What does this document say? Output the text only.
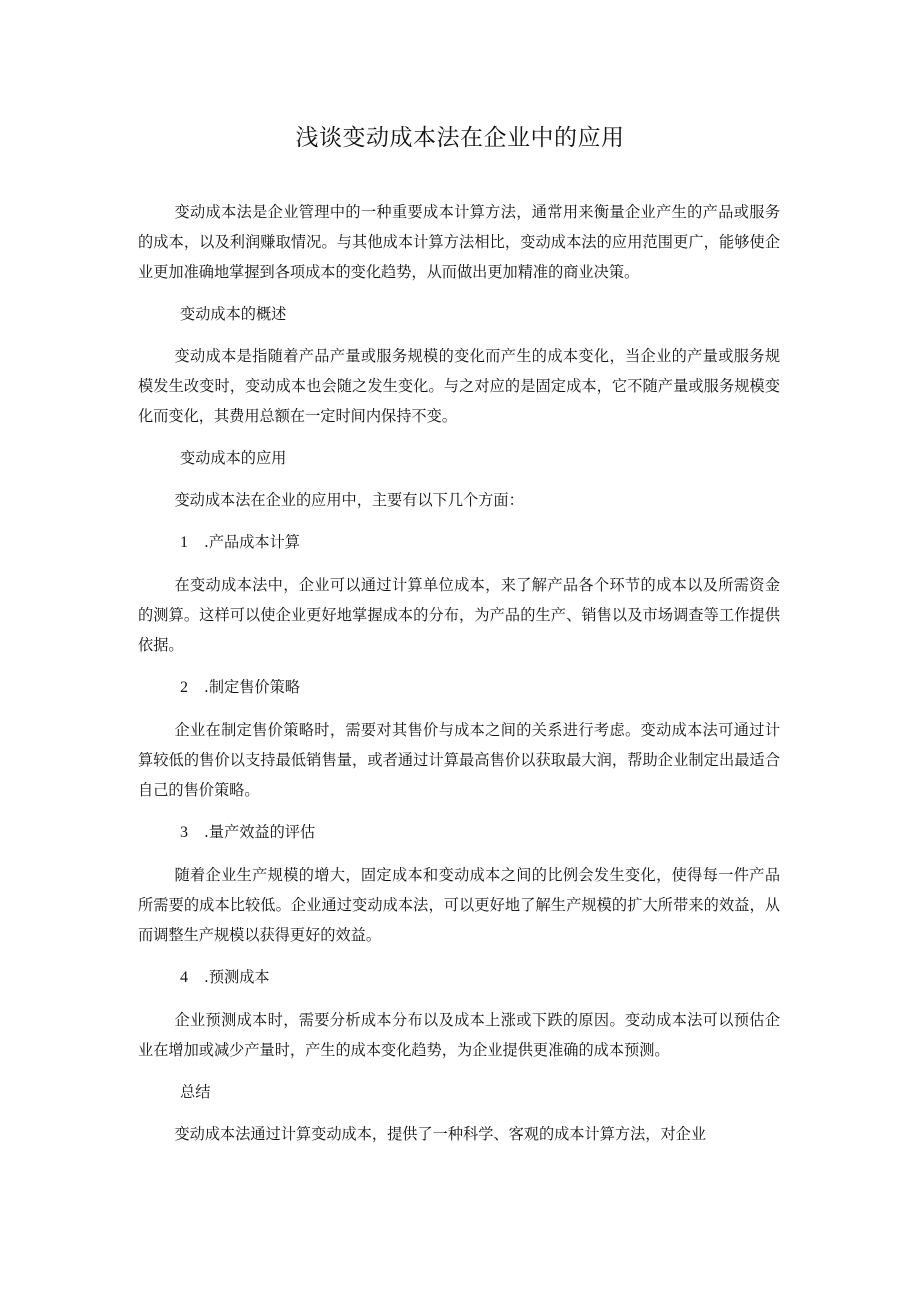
浅谈变动成本法在企业中的应用

变动成本法是企业管理中的一种重要成本计算方法，通常用来衡量企业产生的产品或服务的成本，以及利润赚取情况。与其他成本计算方法相比，变动成本法的应用范围更广，能够使企业更加准确地掌握到各项成本的变化趋势，从而做出更加精准的商业决策。

变动成本的概述

变动成本是指随着产品产量或服务规模的变化而产生的成本变化，当企业的产量或服务规模发生改变时，变动成本也会随之发生变化。与之对应的是固定成本，它不随产量或服务规模变化而变化，其费用总额在一定时间内保持不变。

变动成本的应用

变动成本法在企业的应用中，主要有以下几个方面：

1 .产品成本计算

在变动成本法中，企业可以通过计算单位成本，来了解产品各个环节的成本以及所需资金的测算。这样可以使企业更好地掌握成本的分布，为产品的生产、销售以及市场调查等工作提供依据。

2 .制定售价策略

企业在制定售价策略时，需要对其售价与成本之间的关系进行考虑。变动成本法可通过计算较低的售价以支持最低销售量，或者通过计算最高售价以获取最大润，帮助企业制定出最适合自己的售价策略。

3 .量产效益的评估

随着企业生产规模的增大，固定成本和变动成本之间的比例会发生变化，使得每一件产品所需要的成本比较低。企业通过变动成本法，可以更好地了解生产规模的扩大所带来的效益，从而调整生产规模以获得更好的效益。

4 .预测成本

企业预测成本时，需要分析成本分布以及成本上涨或下跌的原因。变动成本法可以预估企业在增加或减少产量时，产生的成本变化趋势，为企业提供更准确的成本预测。

总结

变动成本法通过计算变动成本，提供了一种科学、客观的成本计算方法，对企业
